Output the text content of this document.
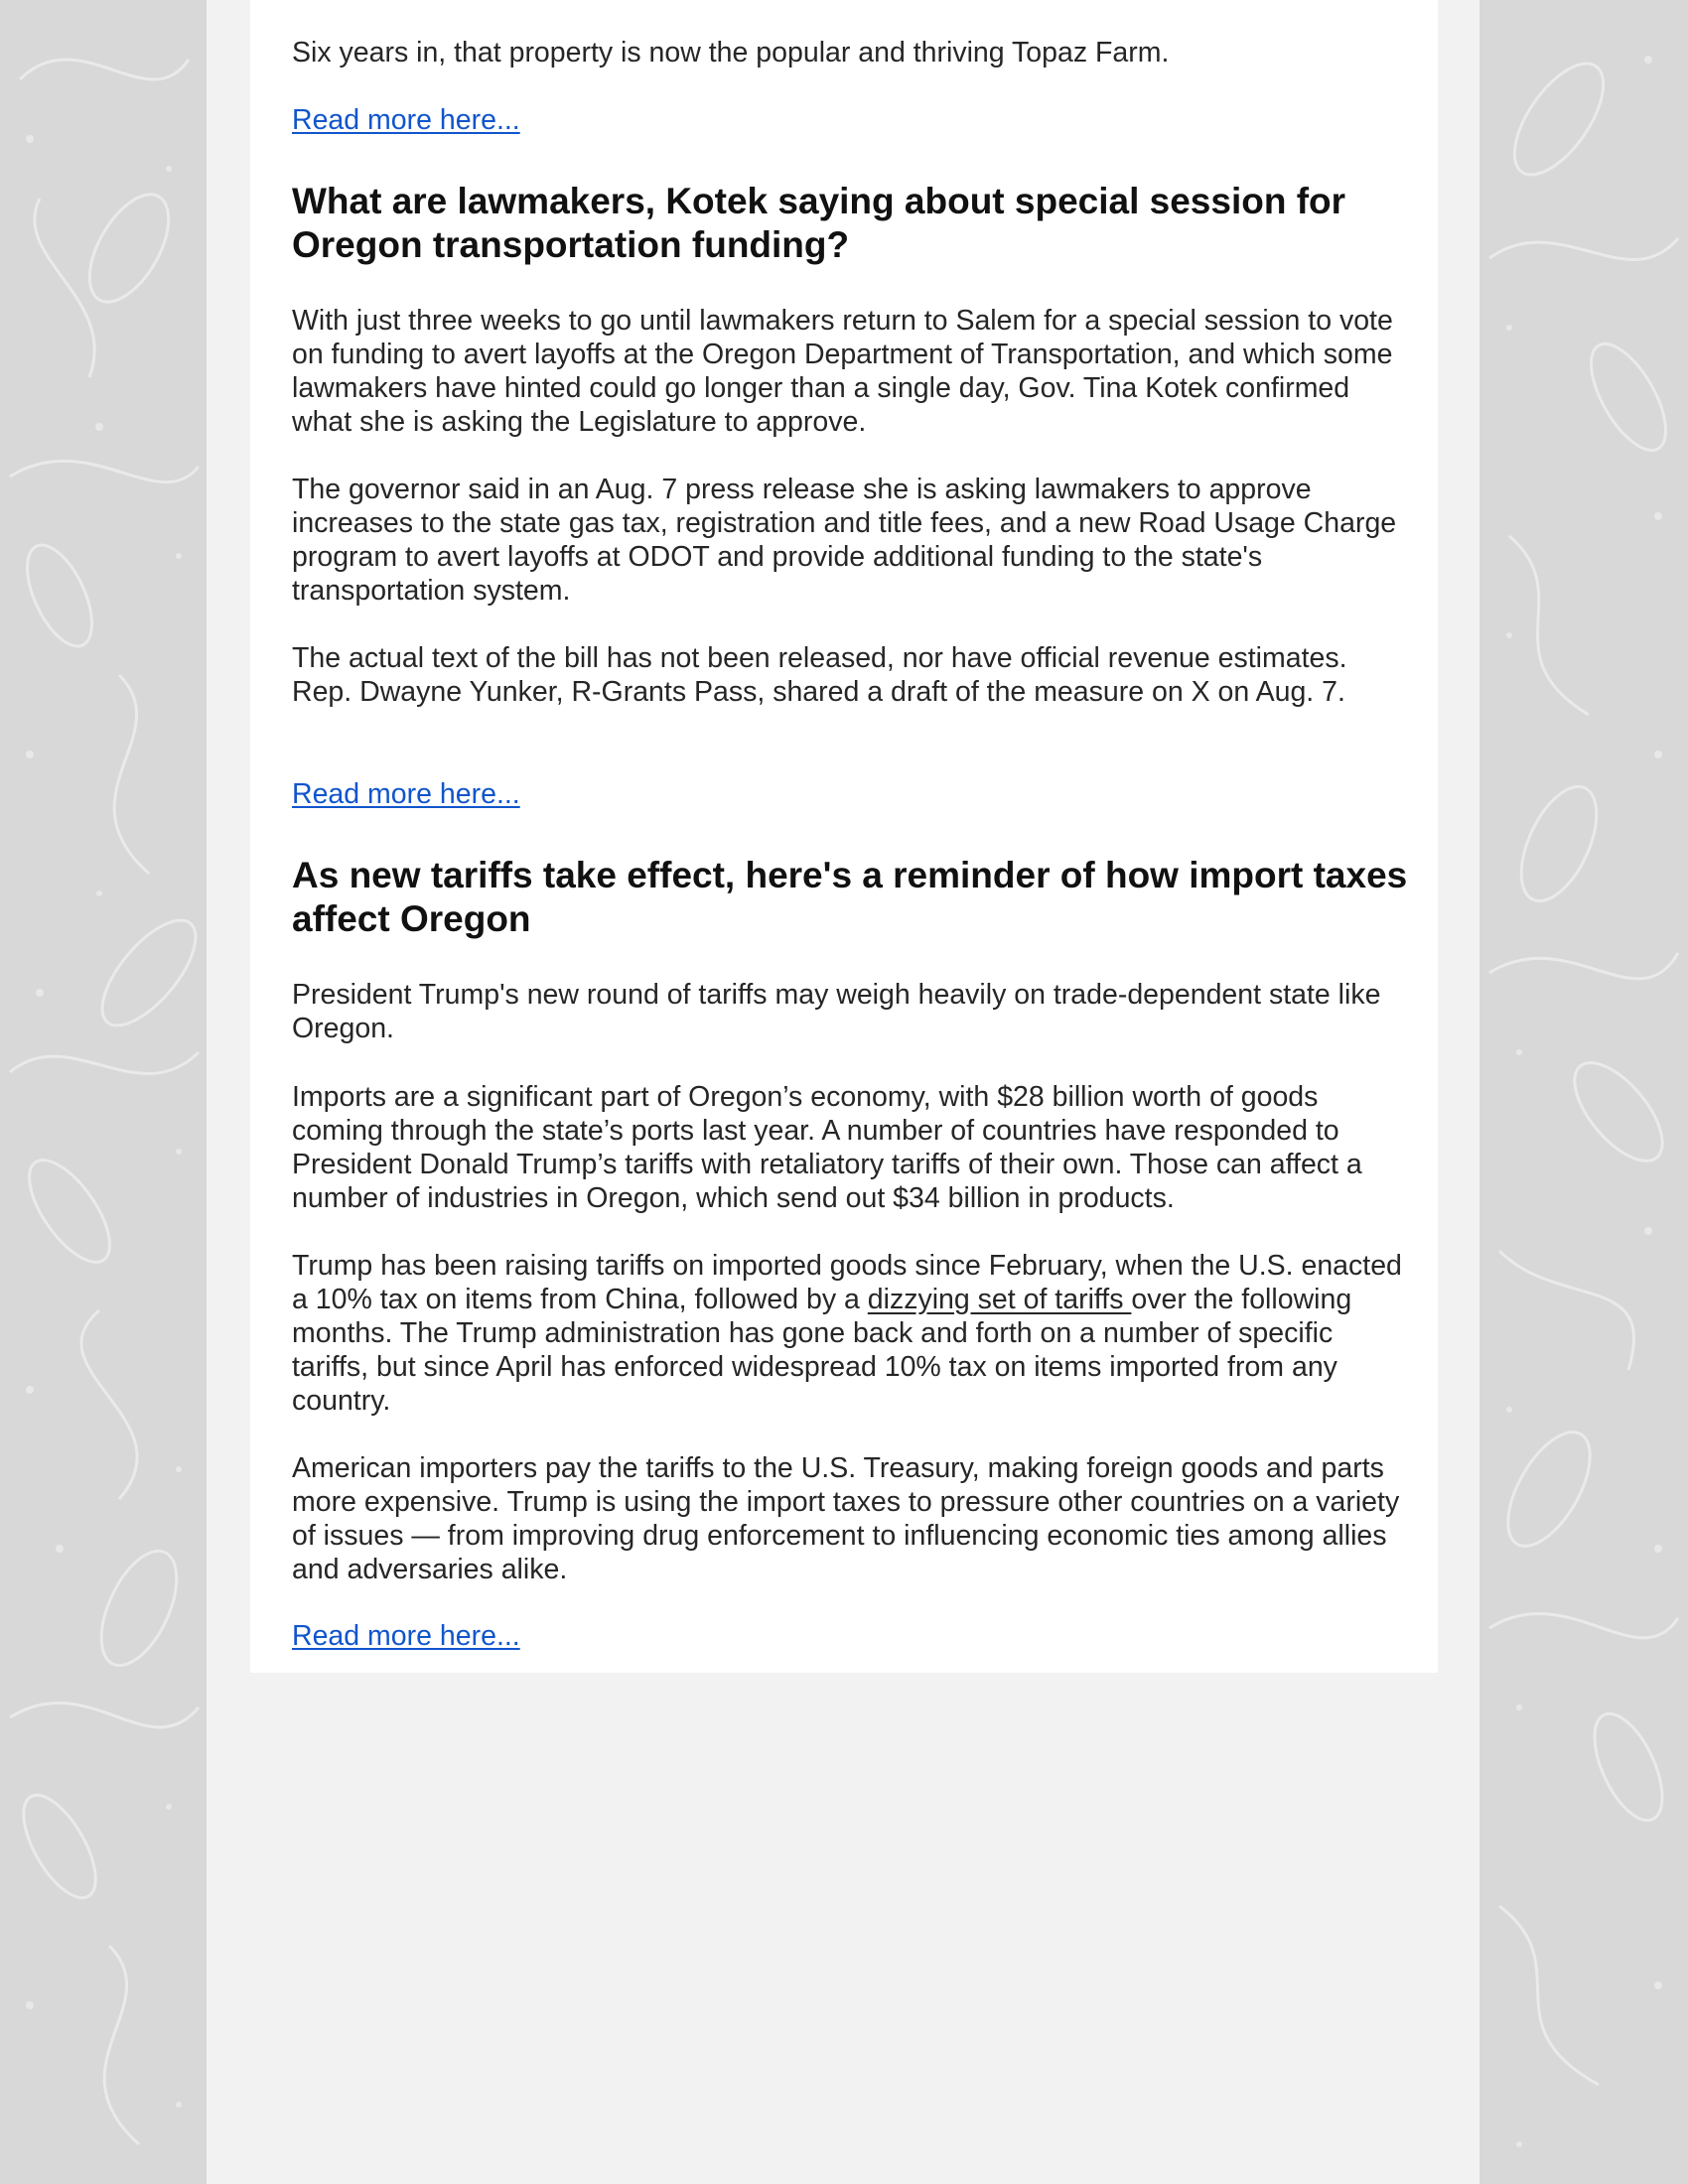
Six years in, that property is now the popular and thriving Topaz Farm.

Read more here...
What are lawmakers, Kotek saying about special session for Oregon transportation funding?

With just three weeks to go until lawmakers return to Salem for a special session to vote on funding to avert layoffs at the Oregon Department of Transportation, and which some lawmakers have hinted could go longer than a single day, Gov. Tina Kotek confirmed what she is asking the Legislature to approve.

The governor said in an Aug. 7 press release she is asking lawmakers to approve increases to the state gas tax, registration and title fees, and a new Road Usage Charge program to avert layoffs at ODOT and provide additional funding to the state's transportation system.

The actual text of the bill has not been released, nor have official revenue estimates. Rep. Dwayne Yunker, R-Grants Pass, shared a draft of the measure on X on Aug. 7.

Read more here...
As new tariffs take effect, here's a reminder of how import taxes affect Oregon

President Trump's new round of tariffs may weigh heavily on trade-dependent state like Oregon.

Imports are a significant part of Oregon’s economy, with $28 billion worth of goods coming through the state’s ports last year. A number of countries have responded to President Donald Trump’s tariffs with retaliatory tariffs of their own. Those can affect a number of industries in Oregon, which send out $34 billion in products.

Trump has been raising tariffs on imported goods since February, when the U.S. enacted a 10% tax on items from China, followed by a dizzying set of tariffs over the following months. The Trump administration has gone back and forth on a number of specific tariffs, but since April has enforced widespread 10% tax on items imported from any country.

American importers pay the tariffs to the U.S. Treasury, making foreign goods and parts more expensive. Trump is using the import taxes to pressure other countries on a variety of issues — from improving drug enforcement to influencing economic ties among allies and adversaries alike.

Read more here...
